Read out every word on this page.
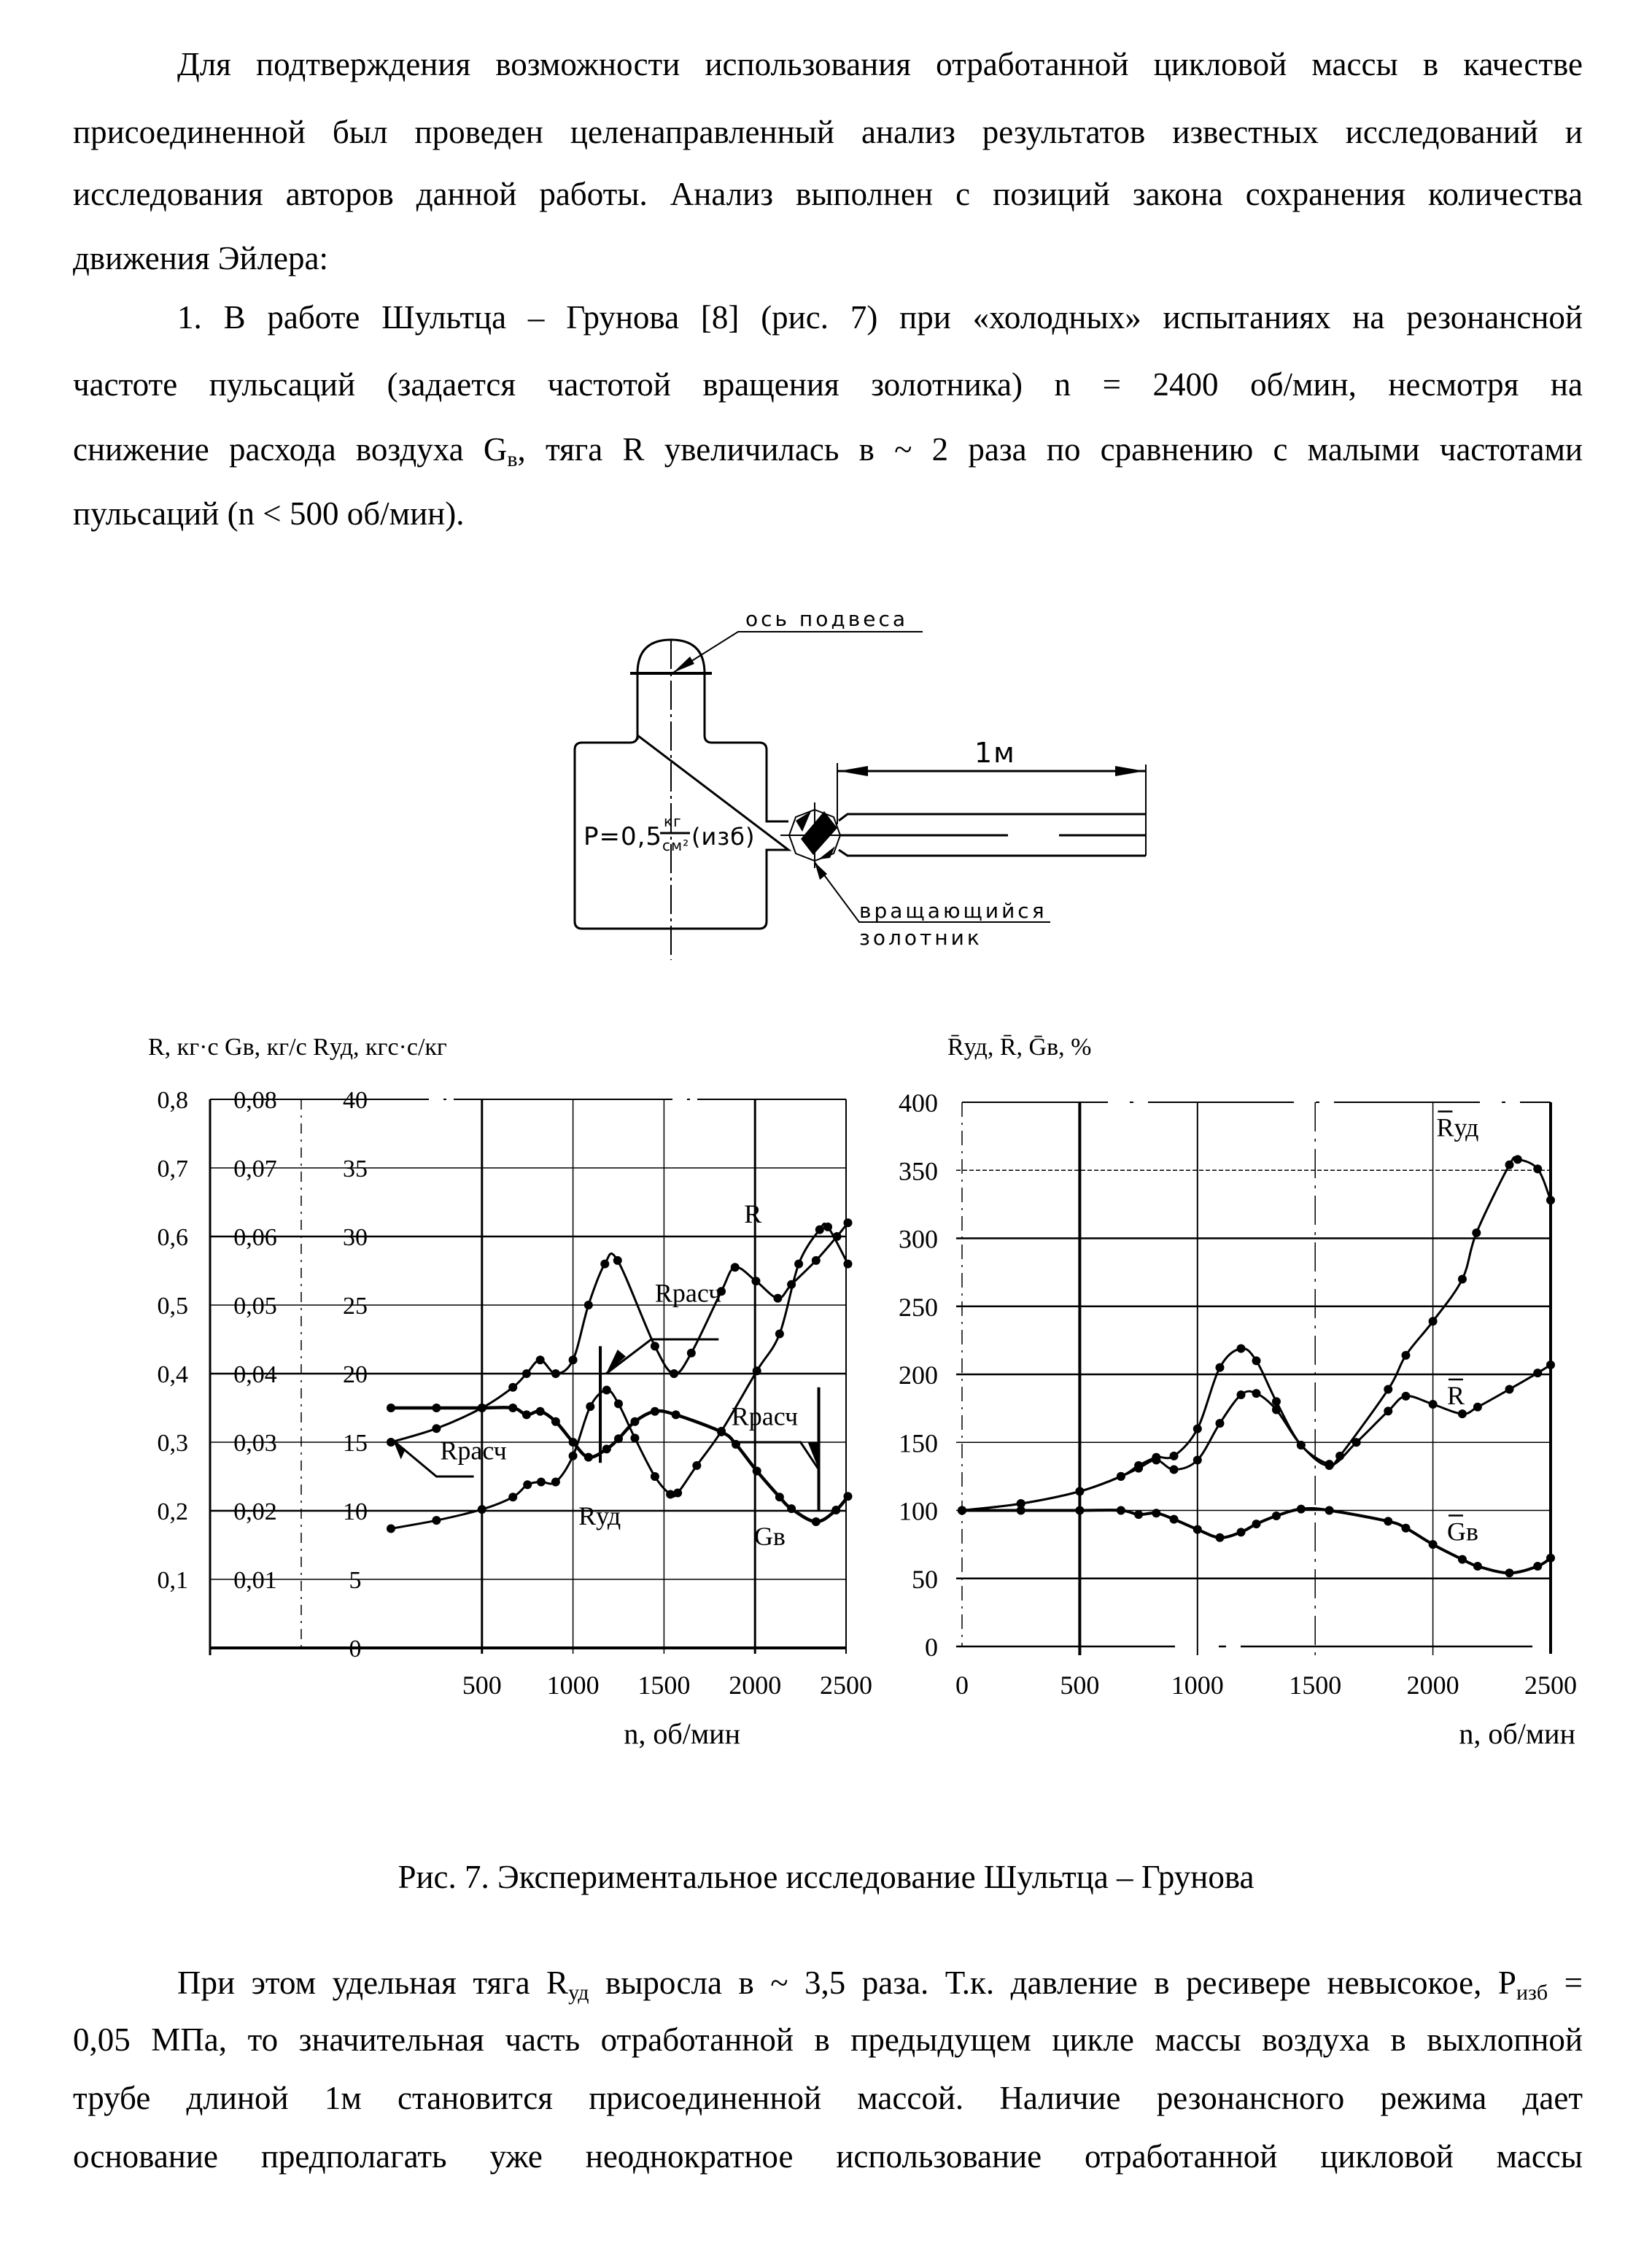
Для подтверждения возможности использования отработанной цикловой массы в качестве
присоединенной был проведен целенаправленный анализ результатов известных исследований и
исследования авторов данной работы. Анализ выполнен с позиций закона сохранения количества
движения Эйлера:
1. В работе Шультца – Грунова [8] (рис. 7) при «холодных» испытаниях на резонансной
частоте пульсаций (задается частотой вращения золотника) n = 2400 об/мин, несмотря на
снижение расхода воздуха $G_в$, тяга R увеличилась в ~ 2 раза по сравнению с малыми частотами
пульсаций (n < 500 об/мин).
ось подвеса
1м
P=0,5
кг
см² (изб)
вращающийся
золотник
R, кг·с Gв, кг/с Rуд, кгс·с/кг
0,1
0,2
0,3
0,4
0,5
0,6
0,7
0,8
0,01
0,02
0,03
0,04
0,05
0,06
0,07
0,08
0
5
10
15
20
25
30
35
40
500 1000 1500 2000 2500
R
Gв
Rуд
Rрасч
Rрасч
Rрасч
n, об/мин
R̄уд, R̄, Ḡв, %
0
50
100
150
200
250
300
350
400
0	500	1000 1500 2000 2500
Rуд
R
Gв
n, об/мин
Рис. 7. Экспериментальное исследование Шультца – Грунова
При этом удельная тяга $R_{уд}$ выросла в ~ 3,5 раза. Т.к. давление в ресивере невысокое, $P_{изб}$ =
0,05 МПа, то значительная часть отработанной в предыдущем цикле массы воздуха в выхлопной
трубе длиной 1м становится присоединенной массой. Наличие резонансного режима дает
основание предполагать уже неоднократное использование отработанной цикловой массы
